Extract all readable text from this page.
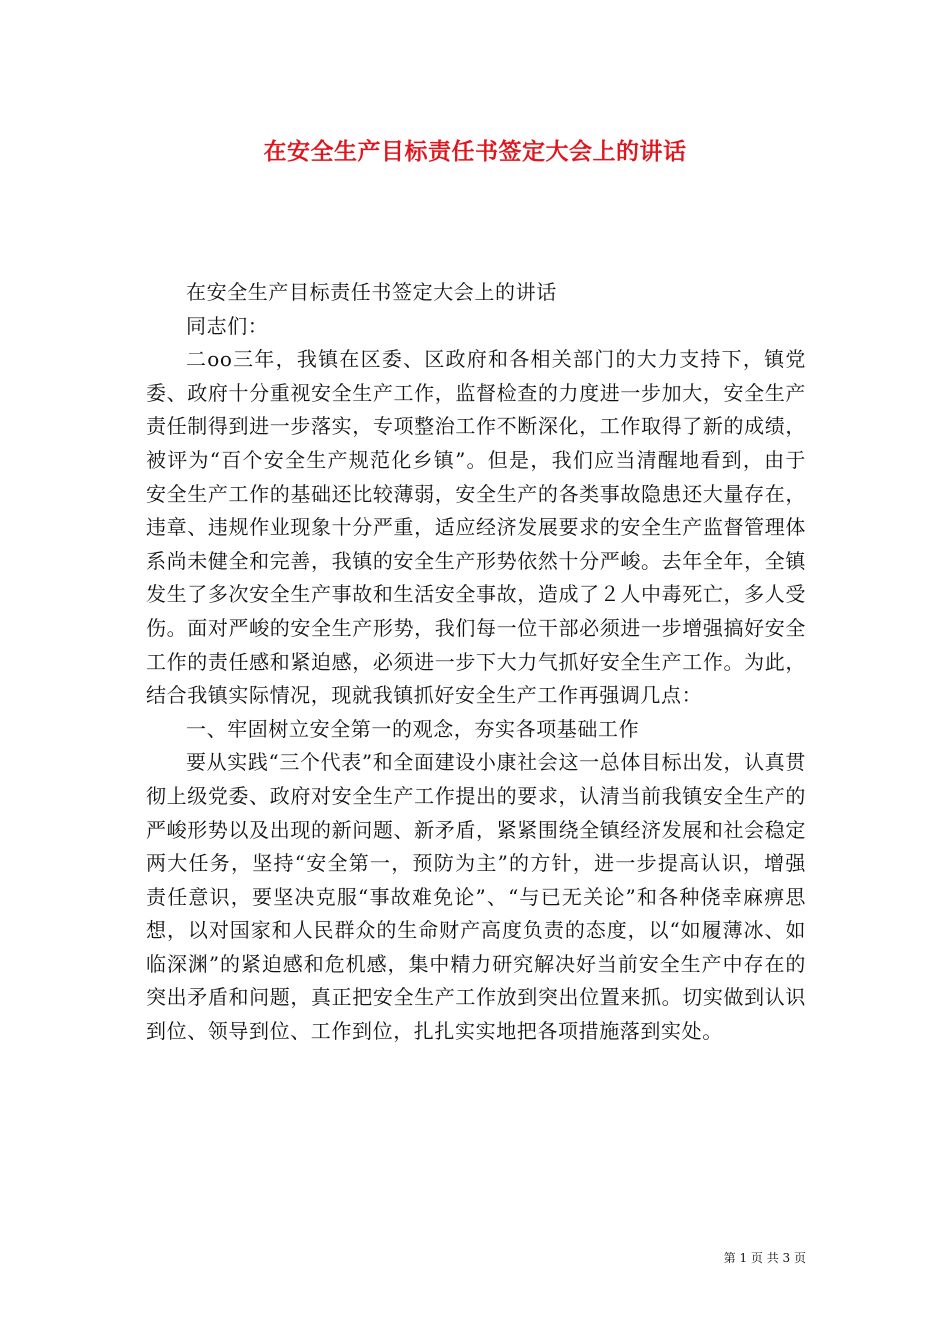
在安全生产目标责任书签定大会上的讲话

在安全生产目标责任书签定大会上的讲话

同志们：

二oo三年，我镇在区委、区政府和各相关部门的大力支持下，镇党委、政府十分重视安全生产工作，监督检查的力度进一步加大，安全生产责任制得到进一步落实，专项整治工作不断深化，工作取得了新的成绩，被评为“百个安全生产规范化乡镇”。但是，我们应当清醒地看到，由于安全生产工作的基础还比较薄弱，安全生产的各类事故隐患还大量存在，违章、违规作业现象十分严重，适应经济发展要求的安全生产监督管理体系尚未健全和完善，我镇的安全生产形势依然十分严峻。去年全年，全镇发生了多次安全生产事故和生活安全事故，造成了２人中毒死亡，多人受伤。面对严峻的安全生产形势，我们每一位干部必须进一步增强搞好安全工作的责任感和紧迫感，必须进一步下大力气抓好安全生产工作。为此，结合我镇实际情况，现就我镇抓好安全生产工作再强调几点：

一、牢固树立安全第一的观念，夯实各项基础工作

要从实践“三个代表”和全面建设小康社会这一总体目标出发，认真贯彻上级党委、政府对安全生产工作提出的要求，认清当前我镇安全生产的严峻形势以及出现的新问题、新矛盾，紧紧围绕全镇经济发展和社会稳定两大任务，坚持“安全第一，预防为主”的方针，进一步提高认识，增强责任意识，要坚决克服“事故难免论”、“与已无关论”和各种侥幸麻痹思想，以对国家和人民群众的生命财产高度负责的态度，以“如履薄冰、如临深渊”的紧迫感和危机感，集中精力研究解决好当前安全生产中存在的突出矛盾和问题，真正把安全生产工作放到突出位置来抓。切实做到认识到位、领导到位、工作到位，扎扎实实地把各项措施落到实处。

第 1 页 共 3 页
